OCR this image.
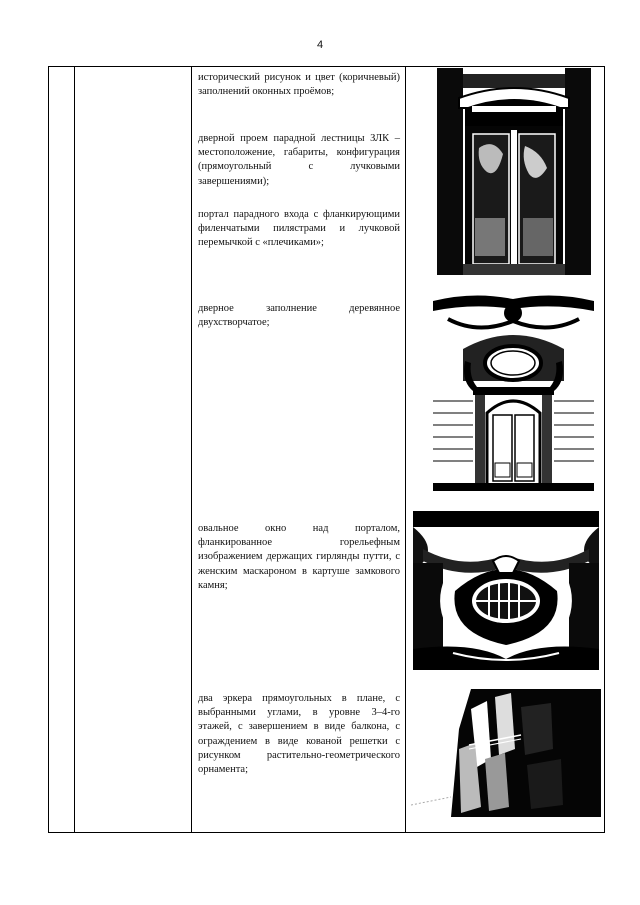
4
исторический рисунок и цвет (коричневый) заполнений оконных проёмов;
дверной проем парадной лестницы ЗЛК – местоположение, габариты, конфигурация (прямоугольный с лучковыми завершениями);
портал парадного входа с фланкирующими филенчатыми пилястрами и лучковой перемычкой с «плечиками»;
дверное заполнение деревянное двухстворчатое;
овальное окно над порталом, фланкированное горельефным изображением держащих гирлянды путти, с женским маскароном в картуше замкового камня;
два эркера прямоугольных в плане, с выбранными углами, в уровне 3–4-го этажей, с завершением в виде балкона, с ограждением в виде кованой решетки с рисунком растительно-геометрического орнамента;
